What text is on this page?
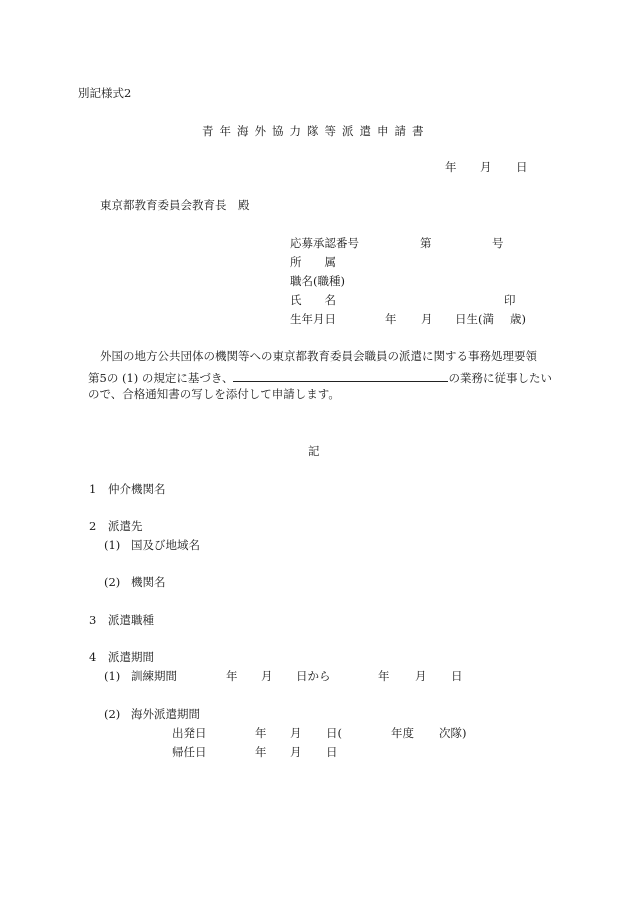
別記様式2
青年海外協力隊等派遣申請書
年 月 日
東京都教育委員会教育長　殿
応募承認番号	第	号
所　　属
職名(職種)
氏　　名	印
生年月日	年 月 日生(満 歳)
外国の地方公共団体の機関等への東京都教育委員会職員の派遣に関する事務処理要領
第5の (1) の規定に基づき、	の業務に従事したい
ので、合格通知書の写しを添付して申請します。
記
1 仲介機関名
2 派遣先
(1) 国及び地域名
(2) 機関名
3 派遣職種
4 派遣期間
(1) 訓練期間	年 月 日から	年 月 日
(2) 海外派遣期間
出発日	年 月 日(	年度 次隊)
帰任日	年 月 日
